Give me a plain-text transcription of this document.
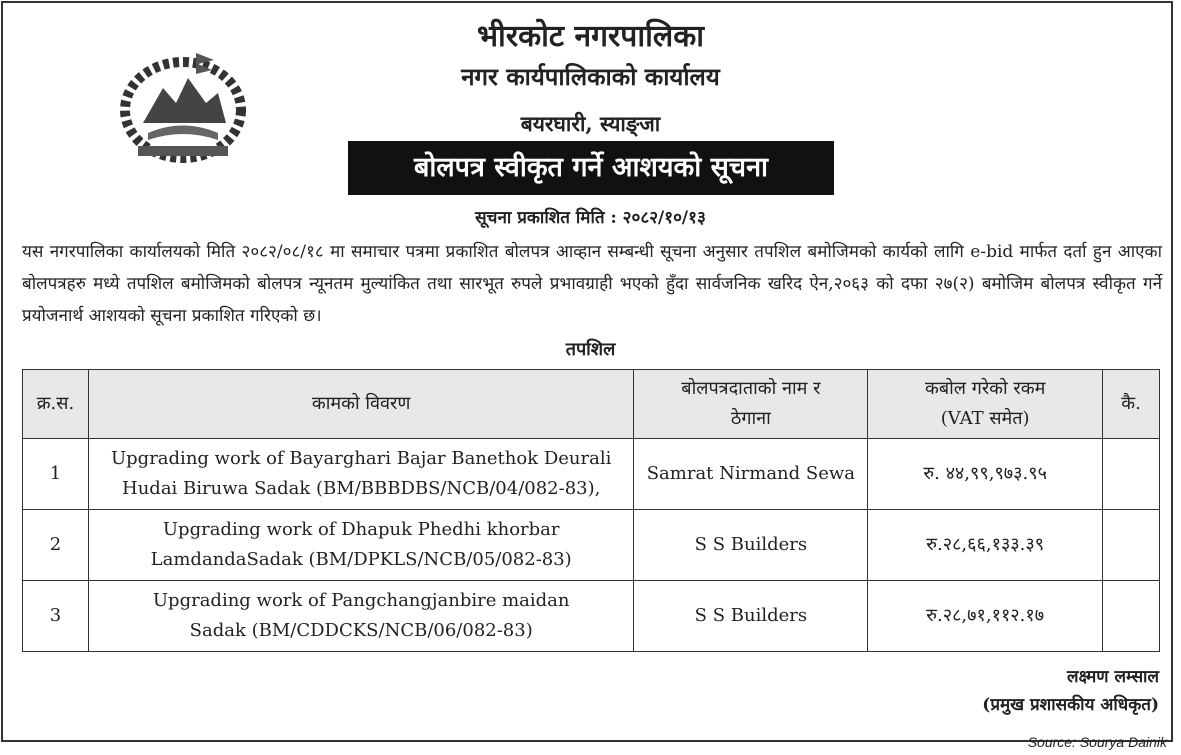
भीरकोट नगरपालिका
नगर कार्यपालिकाको कार्यालय
बयरघारी, स्याङ्जा
बोलपत्र स्वीकृत गर्ने आशयको सूचना
सूचना प्रकाशित मिति : २०८२/१०/१३
यस नगरपालिका कार्यालयको मिति २०८२/०८/१८ मा समाचार पत्रमा प्रकाशित बोलपत्र आव्हान सम्बन्धी सूचना अनुसार तपशिल बमोजिमको कार्यको लागि e-bid मार्फत दर्ता हुन आएका बोलपत्रहरु मध्ये तपशिल बमोजिमको बोलपत्र न्यूनतम मुल्यांकित तथा सारभूत रुपले प्रभावग्राही भएको हुँदा सार्वजनिक खरिद ऐन,२०६३ को दफा २७(२) बमोजिम बोलपत्र स्वीकृत गर्ने प्रयोजनार्थ आशयको सूचना प्रकाशित गरिएको छ।
तपशिल
क्र.स.	कामको विवरण	बोलपत्रदाताको नाम र ठेगाना	कबोल गरेको रकम (VAT समेत)	कै.
1	Upgrading work of Bayarghari Bajar Banethok Deurali Hudai Biruwa Sadak (BM/BBBDBS/NCB/04/082-83),	Samrat Nirmand Sewa	रु. ४४,९९,९७३.९५	
2	Upgrading work of Dhapuk Phedhi khorbar LamdandaSadak (BM/DPKLS/NCB/05/082-83)	S S Builders	रु.२८,६६,१३३.३९	
3	Upgrading work of Pangchangjanbire maidan Sadak (BM/CDDCKS/NCB/06/082-83)	S S Builders	रु.२८,७१,११२.१७	
लक्ष्मण लम्साल
(प्रमुख प्रशासकीय अधिकृत)
Source: Sourya Dainik
